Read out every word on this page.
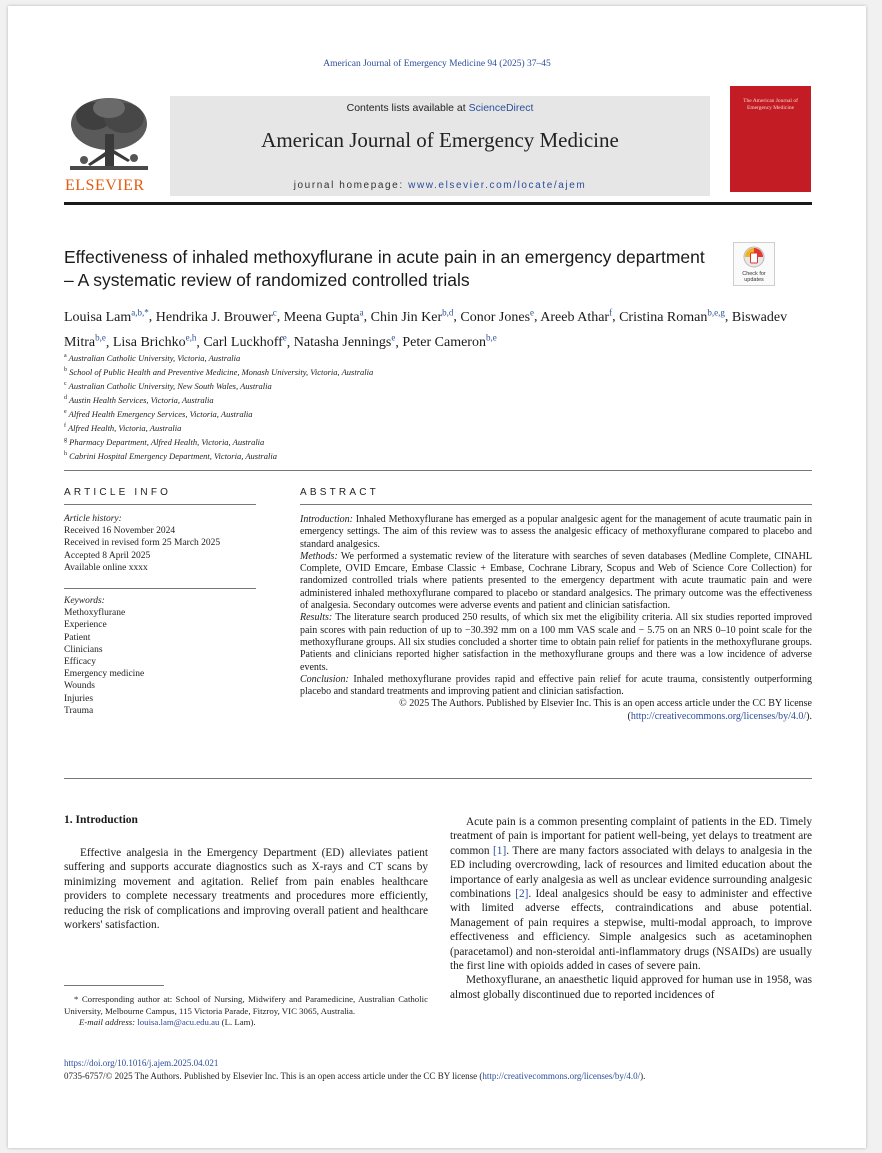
American Journal of Emergency Medicine 94 (2025) 37–45
ELSEVIER
Contents lists available at ScienceDirect
American Journal of Emergency Medicine
journal homepage: www.elsevier.com/locate/ajem
The American Journal of Emergency Medicine
Effectiveness of inhaled methoxyflurane in acute pain in an emergency department – A systematic review of randomized controlled trials	Check for updates
Louisa Lam$^{a,b,*}$, Hendrika J. Brouwer$^c$, Meena Gupta$^a$, Chin Jin Ker$^{b,d}$, Conor Jones$^e$, Areeb Athar$^f$, Cristina Roman$^{b,e,g}$, Biswadev Mitra$^{b,e}$, Lisa Brichko$^{e,h}$, Carl Luckhoff$^e$, Natasha Jennings$^e$, Peter Cameron$^{b,e}$
$^a$ Australian Catholic University, Victoria, Australia
$^b$ School of Public Health and Preventive Medicine, Monash University, Victoria, Australia
$^c$ Australian Catholic University, New South Wales, Australia
$^d$ Austin Health Services, Victoria, Australia
$^e$ Alfred Health Emergency Services, Victoria, Australia
$^f$ Alfred Health, Victoria, Australia
$^g$ Pharmacy Department, Alfred Health, Victoria, Australia
$^h$ Cabrini Hospital Emergency Department, Victoria, Australia
ARTICLE INFO
Article history:
Received 16 November 2024
Received in revised form 25 March 2025
Accepted 8 April 2025
Available online xxxx
Keywords:
Methoxyflurane
Experience
Patient
Clinicians
Efficacy
Emergency medicine
Wounds
Injuries
Trauma
ABSTRACT

Introduction: Inhaled Methoxyflurane has emerged as a popular analgesic agent for the management of acute traumatic pain in emergency settings. The aim of this review was to assess the analgesic efficacy of methoxyflurane compared to placebo and standard analgesics.

Methods: We performed a systematic review of the literature with searches of seven databases (Medline Complete, CINAHL Complete, OVID Emcare, Embase Classic + Embase, Cochrane Library, Scopus and Web of Science Core Collection) for randomized controlled trials where patients presented to the emergency department with acute traumatic pain and were administered inhaled methoxyflurane compared to placebo or standard analgesics. The primary outcome was the effectiveness of analgesia. Secondary outcomes were adverse events and patient and clinician satisfaction.

Results: The literature search produced 250 results, of which six met the eligibility criteria. All six studies reported improved pain scores with pain reduction of up to −30.392 mm on a 100 mm VAS scale and − 5.75 on an NRS 0–10 point scale for the methoxyflurane groups. All six studies concluded a shorter time to obtain pain relief for patients in the methoxyflurane groups. Patients and clinicians reported higher satisfaction in the methoxyflurane groups and there was a low incidence of adverse events.

Conclusion: Inhaled methoxyflurane provides rapid and effective pain relief for acute trauma, consistently outperforming placebo and standard treatments and improving patient and clinician satisfaction.

© 2025 The Authors. Published by Elsevier Inc. This is an open access article under the CC BY license (http://creativecommons.org/licenses/by/4.0/).

1. Introduction

Effective analgesia in the Emergency Department (ED) alleviates patient suffering and supports accurate diagnostics such as X-rays and CT scans by minimizing movement and agitation. Relief from pain enables healthcare providers to complete necessary treatments and procedures more efficiently, reducing the risk of complications and improving overall patient and healthcare workers' satisfaction.

Acute pain is a common presenting complaint of patients in the ED. Timely treatment of pain is important for patient well-being, yet delays to treatment are common [1]. There are many factors associated with delays to analgesia in the ED including overcrowding, lack of resources and limited education about the importance of early analgesia as well as unclear evidence surrounding analgesic combinations [2]. Ideal analgesics should be easy to administer and effective with limited adverse effects, contraindications and abuse potential. Management of pain requires a stepwise, multi-modal approach, to improve effectiveness and efficiency. Simple analgesics such as acetaminophen (paracetamol) and non-steroidal anti-inflammatory drugs (NSAIDs) are usually the first line with opioids added in cases of severe pain.

Methoxyflurane, an anaesthetic liquid approved for human use in 1958, was almost globally discontinued due to reported incidences of

* Corresponding author at: School of Nursing, Midwifery and Paramedicine, Australian Catholic University, Melbourne Campus, 115 Victoria Parade, Fitzroy, VIC 3065, Australia.
E-mail address: louisa.lam@acu.edu.au (L. Lam).
https://doi.org/10.1016/j.ajem.2025.04.021
0735-6757/© 2025 The Authors. Published by Elsevier Inc. This is an open access article under the CC BY license (http://creativecommons.org/licenses/by/4.0/).
